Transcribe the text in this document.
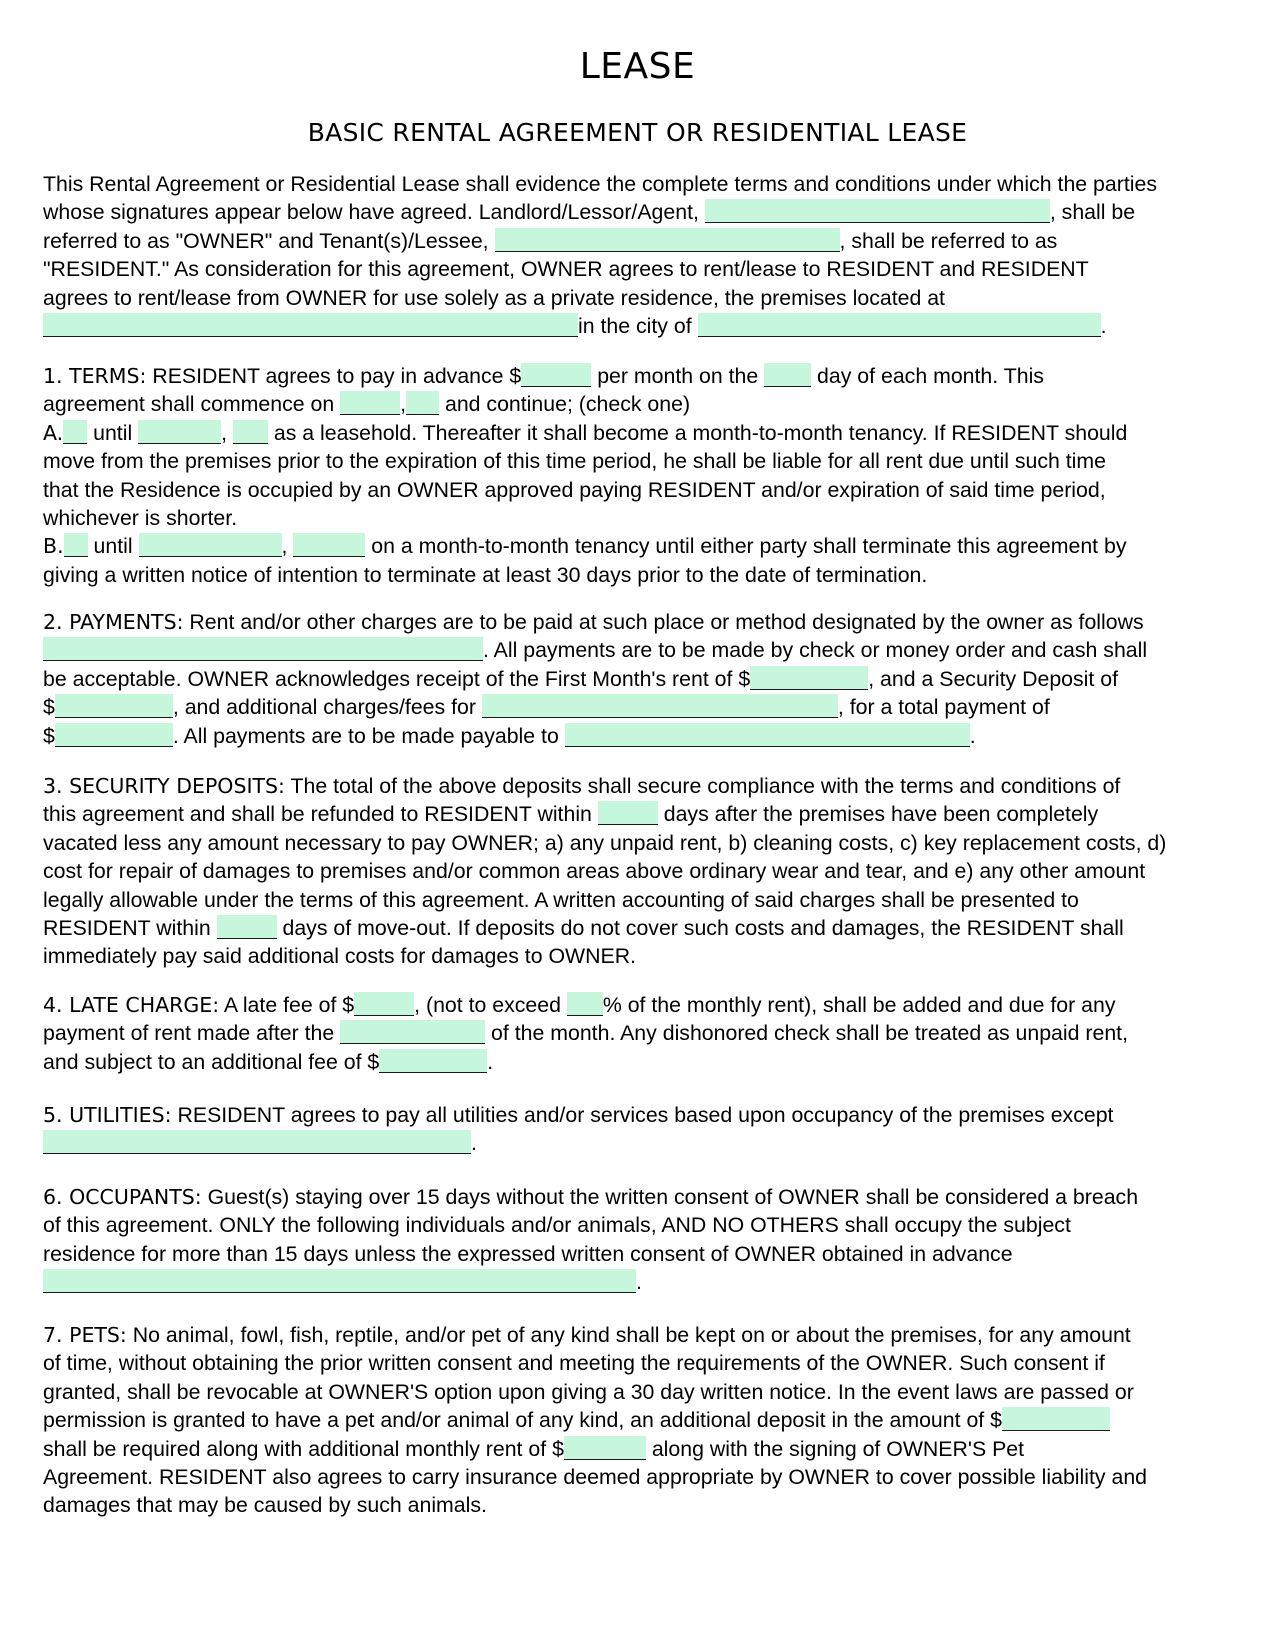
LEASE
BASIC RENTAL AGREEMENT OR RESIDENTIAL LEASE
This Rental Agreement or Residential Lease shall evidence the complete terms and conditions under which the parties
whose signatures appear below have agreed. Landlord/Lessor/Agent,	, shall be
referred to as "OWNER" and Tenant(s)/Lessee,	, shall be referred to as
"RESIDENT." As consideration for this agreement, OWNER agrees to rent/lease to RESIDENT and RESIDENT
agrees to rent/lease from OWNER for use solely as a private residence, the premises located at
in the city of	.
1. TERMS: RESIDENT agrees to pay in advance $	per month on the  day of each month. This
agreement shall commence on	, and continue; (check one)
A. until	,  as a leasehold. Thereafter it shall become a month-to-month tenancy. If RESIDENT should
move from the premises prior to the expiration of this time period, he shall be liable for all rent due until such time
that the Residence is occupied by an OWNER approved paying RESIDENT and/or expiration of said time period,
whichever is shorter.
B. until	,	on a month-to-month tenancy until either party shall terminate this agreement by
giving a written notice of intention to terminate at least 30 days prior to the date of termination.
2. PAYMENTS: Rent and/or other charges are to be paid at such place or method designated by the owner as follows
. All payments are to be made by check or money order and cash shall
be acceptable. OWNER acknowledges receipt of the First Month's rent of $	, and a Security Deposit of
$	, and additional charges/fees for	, for a total payment of
$	. All payments are to be made payable to	.
3. SECURITY DEPOSITS: The total of the above deposits shall secure compliance with the terms and conditions of
this agreement and shall be refunded to RESIDENT within	days after the premises have been completely
vacated less any amount necessary to pay OWNER; a) any unpaid rent, b) cleaning costs, c) key replacement costs, d)
cost for repair of damages to premises and/or common areas above ordinary wear and tear, and e) any other amount
legally allowable under the terms of this agreement. A written accounting of said charges shall be presented to
RESIDENT within	days of move-out. If deposits do not cover such costs and damages, the RESIDENT shall
immediately pay said additional costs for damages to OWNER.
4. LATE CHARGE: A late fee of $	, (not to exceed % of the monthly rent), shall be added and due for any
payment of rent made after the	of the month. Any dishonored check shall be treated as unpaid rent,
and subject to an additional fee of $	.
5. UTILITIES: RESIDENT agrees to pay all utilities and/or services based upon occupancy of the premises except
.
6. OCCUPANTS: Guest(s) staying over 15 days without the written consent of OWNER shall be considered a breach
of this agreement. ONLY the following individuals and/or animals, AND NO OTHERS shall occupy the subject
residence for more than 15 days unless the expressed written consent of OWNER obtained in advance
.
7. PETS: No animal, fowl, fish, reptile, and/or pet of any kind shall be kept on or about the premises, for any amount
of time, without obtaining the prior written consent and meeting the requirements of the OWNER. Such consent if
granted, shall be revocable at OWNER'S option upon giving a 30 day written notice. In the event laws are passed or
permission is granted to have a pet and/or animal of any kind, an additional deposit in the amount of $
shall be required along with additional monthly rent of $	along with the signing of OWNER'S Pet
Agreement. RESIDENT also agrees to carry insurance deemed appropriate by OWNER to cover possible liability and
damages that may be caused by such animals.
